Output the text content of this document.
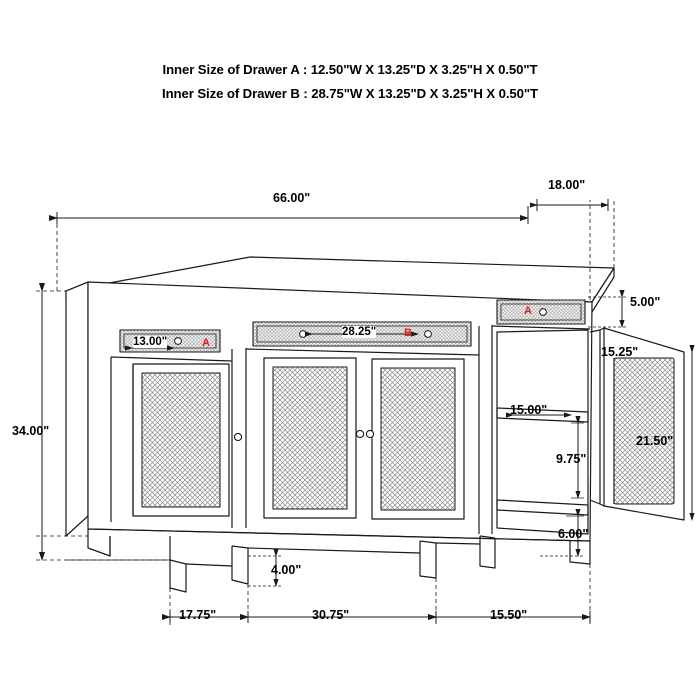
Inner Size of Drawer A : 12.50"W X 13.25"D X 3.25"H X 0.50"T
Inner Size of Drawer B : 28.75"W X 13.25"D X 3.25"H X 0.50"T
66.00"
18.00"
34.00"
13.00"	A
28.25"	B
A
5.00"
15.25"
15.00"
9.75"
21.50"
6.00"
4.00"
17.75"	30.75"	15.50"
